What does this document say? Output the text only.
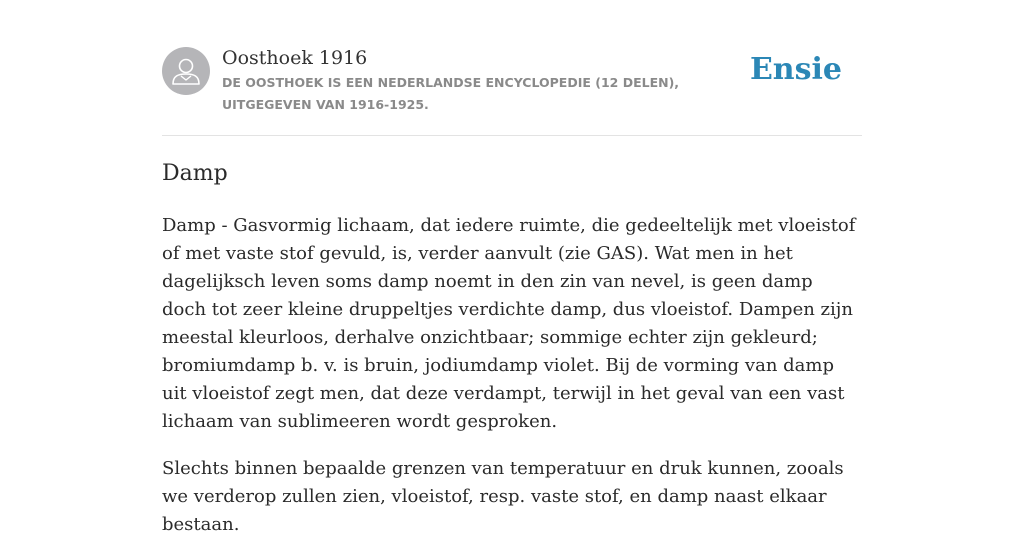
Oosthoek 1916
DE OOSTHOEK IS EEN NEDERLANDSE ENCYCLOPEDIE (12 DELEN), UITGEGEVEN VAN 1916-1925.
Ensie
Damp

Damp - Gasvormig lichaam, dat iedere ruimte, die gedeeltelijk met vloeistof of met vaste stof gevuld, is, verder aanvult (zie GAS). Wat men in het dagelijksch leven soms damp noemt in den zin van nevel, is geen damp doch tot zeer kleine druppeltjes verdichte damp, dus vloeistof. Dampen zijn meestal kleurloos, derhalve onzichtbaar; sommige echter zijn gekleurd; bromiumdamp b. v. is bruin, jodiumdamp violet. Bij de vorming van damp uit vloeistof zegt men, dat deze verdampt, terwijl in het geval van een vast lichaam van sublimeeren wordt gesproken.

Slechts binnen bepaalde grenzen van temperatuur en druk kunnen, zooals we verderop zullen zien, vloeistof, resp. vaste stof, en damp naast elkaar bestaan.
